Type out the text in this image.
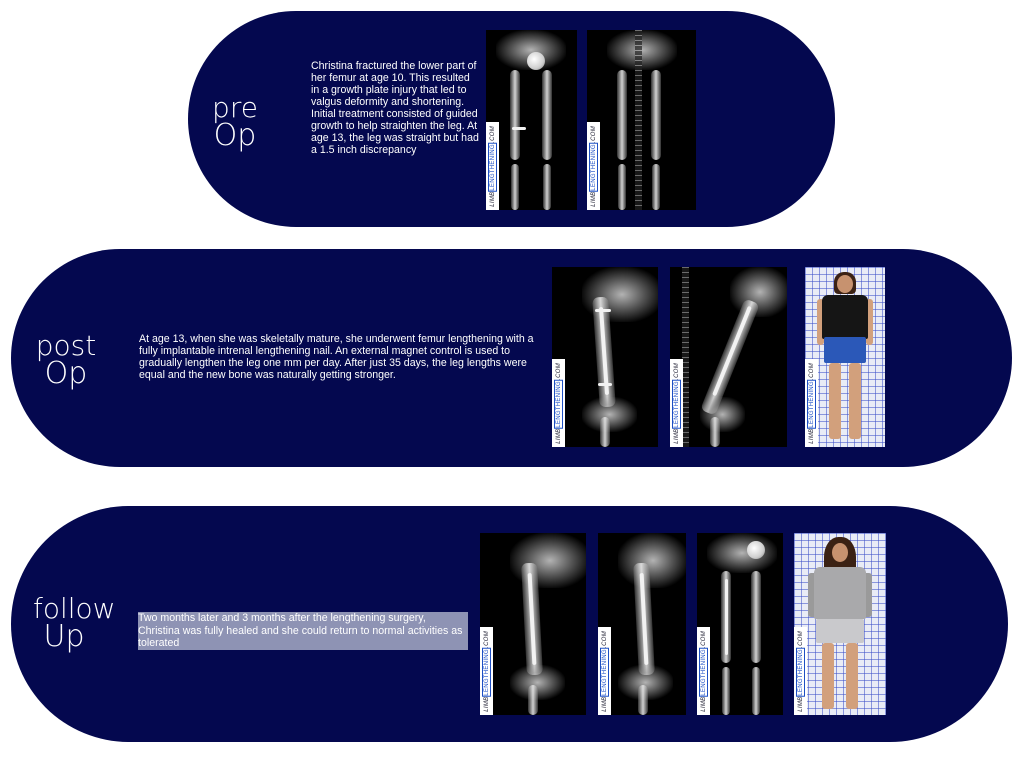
pre
Op
Christina fractured the lower part of her femur at age 10. This resulted in a growth plate injury that led to valgus deformity and shortening. Initial treatment consisted of guided growth to help straighten the leg. At age 13, the leg was straight but had a 1.5 inch discrepancy
LIMBLENGTHENING.COM
LIMBLENGTHENING.COM
post
Op
At age 13, when she was skeletally mature, she underwent femur lengthening with a fully implantable intrenal lengthening nail. An external magnet control is used to gradually lengthen the leg one mm per day. After just 35 days, the leg lengths were equal and the new bone was naturally getting stronger.
LIMBLENGTHENING.COM
LIMBLENGTHENING.COM
LIMBLENGTHENING.COM
follow
Up
Two months later and 3 months after the lengthening surgery, Christina was fully healed and she could return to normal activities as tolerated
LIMBLENGTHENING.COM
LIMBLENGTHENING.COM
LIMBLENGTHENING.COM
LIMBLENGTHENING.COM
